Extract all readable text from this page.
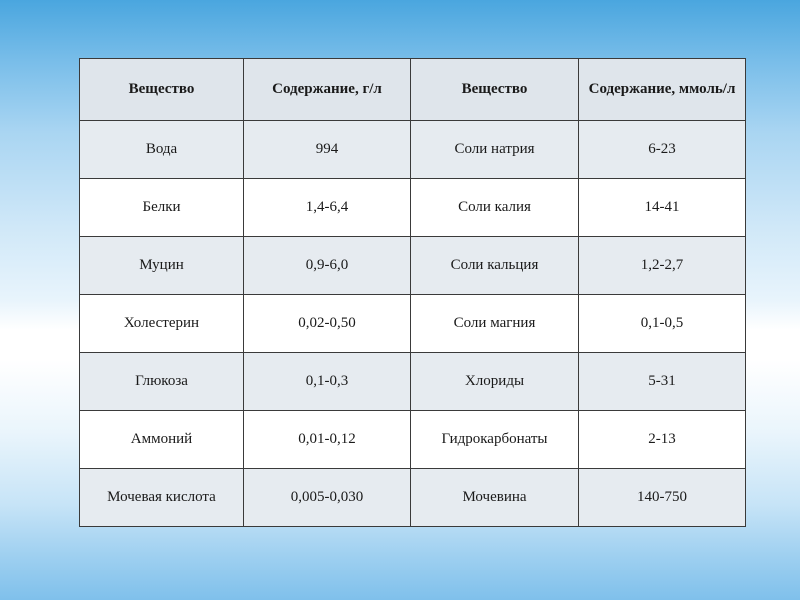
Вещество	Содержание, г/л	Вещество	Содержание, ммоль/л
Вода	994	Соли натрия	6-23
Белки	1,4-6,4	Соли калия	14-41
Муцин	0,9-6,0	Соли кальция	1,2-2,7
Холестерин	0,02-0,50	Соли магния	0,1-0,5
Глюкоза	0,1-0,3	Хлориды	5-31
Аммоний	0,01-0,12	Гидрокарбонаты	2-13
Мочевая кислота	0,005-0,030	Мочевина	140-750
